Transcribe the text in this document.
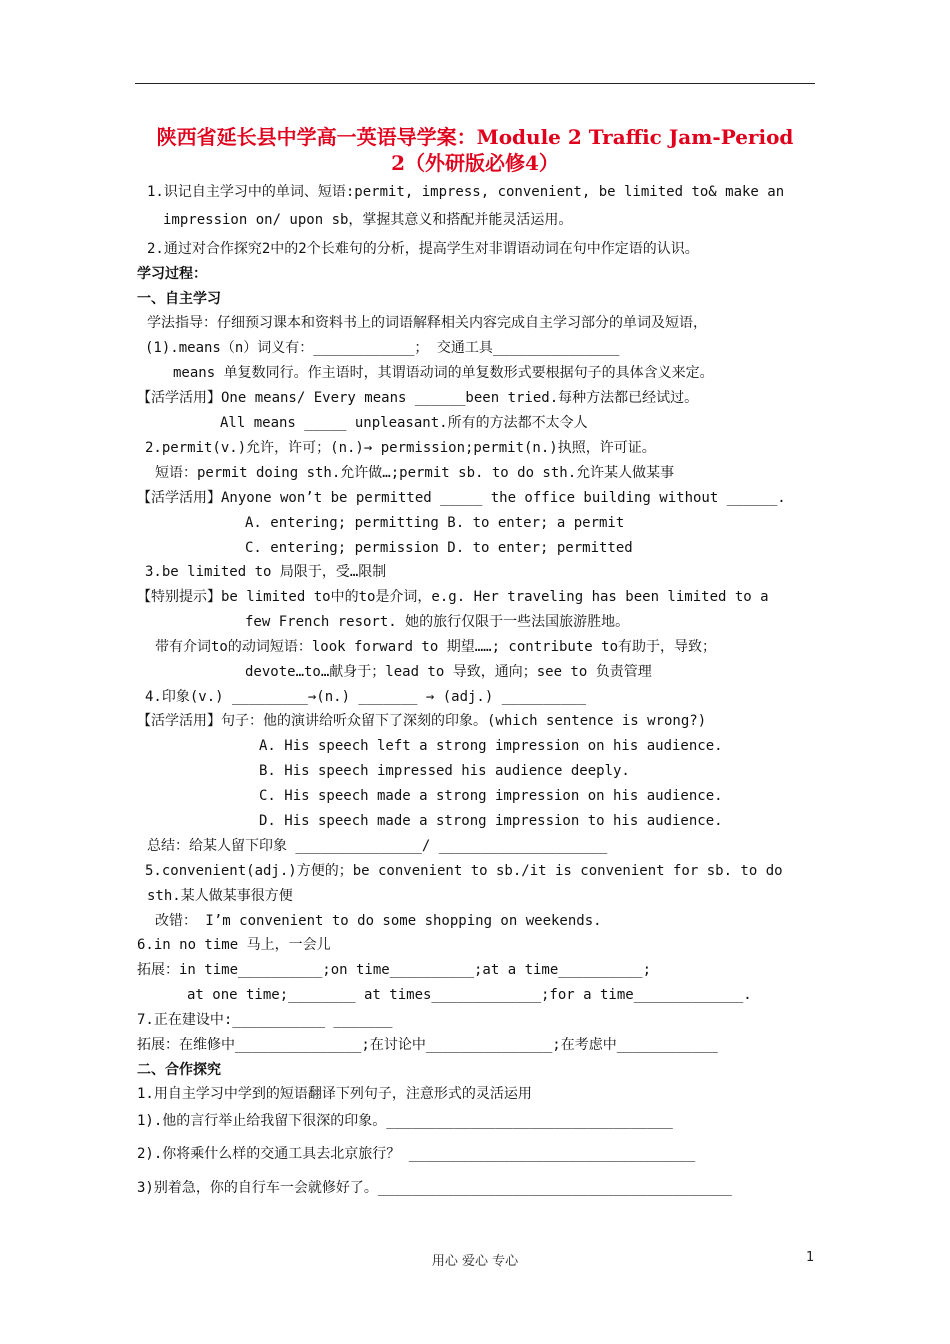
陕西省延长县中学高一英语导学案：Module 2 Traffic Jam-Period
2（外研版必修4）
1.识记自主学习中的单词、短语:permit, impress, convenient, be limited to& make an
impression on/ upon sb，掌握其意义和搭配并能灵活运用。
2.通过对合作探究2中的2个长难句的分析，提高学生对非谓语动词在句中作定语的认识。
学习过程：
一、自主学习
学法指导：仔细预习课本和资料书上的词语解释相关内容完成自主学习部分的单词及短语，
(1).means（n）词义有：____________； 交通工具_______________
means 单复数同行。作主语时，其谓语动词的单复数形式要根据句子的具体含义来定。
【活学活用】One means/ Every means ______been tried.每种方法都已经试过。
All means _____ unpleasant.所有的方法都不太令人
2.permit(v.)允许，许可；(n.)→ permission;permit(n.)执照，许可证。
短语：permit doing sth.允许做…;permit sb. to do sth.允许某人做某事
【活学活用】Anyone won’t be permitted _____ the office building without ______.
A. entering; permitting B. to enter; a permit
C. entering; permission D. to enter; permitted
3.be limited to 局限于，受…限制
【特别提示】be limited to中的to是介词，e.g. Her traveling has been limited to a
few French resort. 她的旅行仅限于一些法国旅游胜地。
带有介词to的动词短语：look forward to 期望……; contribute to有助于，导致；
devote…to…献身于；lead to 导致，通向；see to 负责管理
4.印象(v.) _________→(n.) _______ → (adj.) __________
【活学活用】句子：他的演讲给听众留下了深刻的印象。(which sentence is wrong?)
A. His speech left a strong impression on his audience.
B. His speech impressed his audience deeply.
C. His speech made a strong impression on his audience.
D. His speech made a strong impression to his audience.
总结：给某人留下印象 _______________/ ____________________
5.convenient(adj.)方便的；be convenient to sb./it is convenient for sb. to do
sth.某人做某事很方便
改错： I’m convenient to do some shopping on weekends.
6.in no time 马上，一会儿
拓展：in time__________;on time__________;at a time__________;
at one time;________ at times_____________;for a time_____________.
7.正在建设中:___________ _______
拓展：在维修中_______________;在讨论中_______________;在考虑中____________
二、合作探究
1.用自主学习中学到的短语翻译下列句子，注意形式的灵活运用
1).他的言行举止给我留下很深的印象。__________________________________
2).你将乘什么样的交通工具去北京旅行？ __________________________________
3)别着急，你的自行车一会就修好了。__________________________________________
用心 爱心 专心	1
